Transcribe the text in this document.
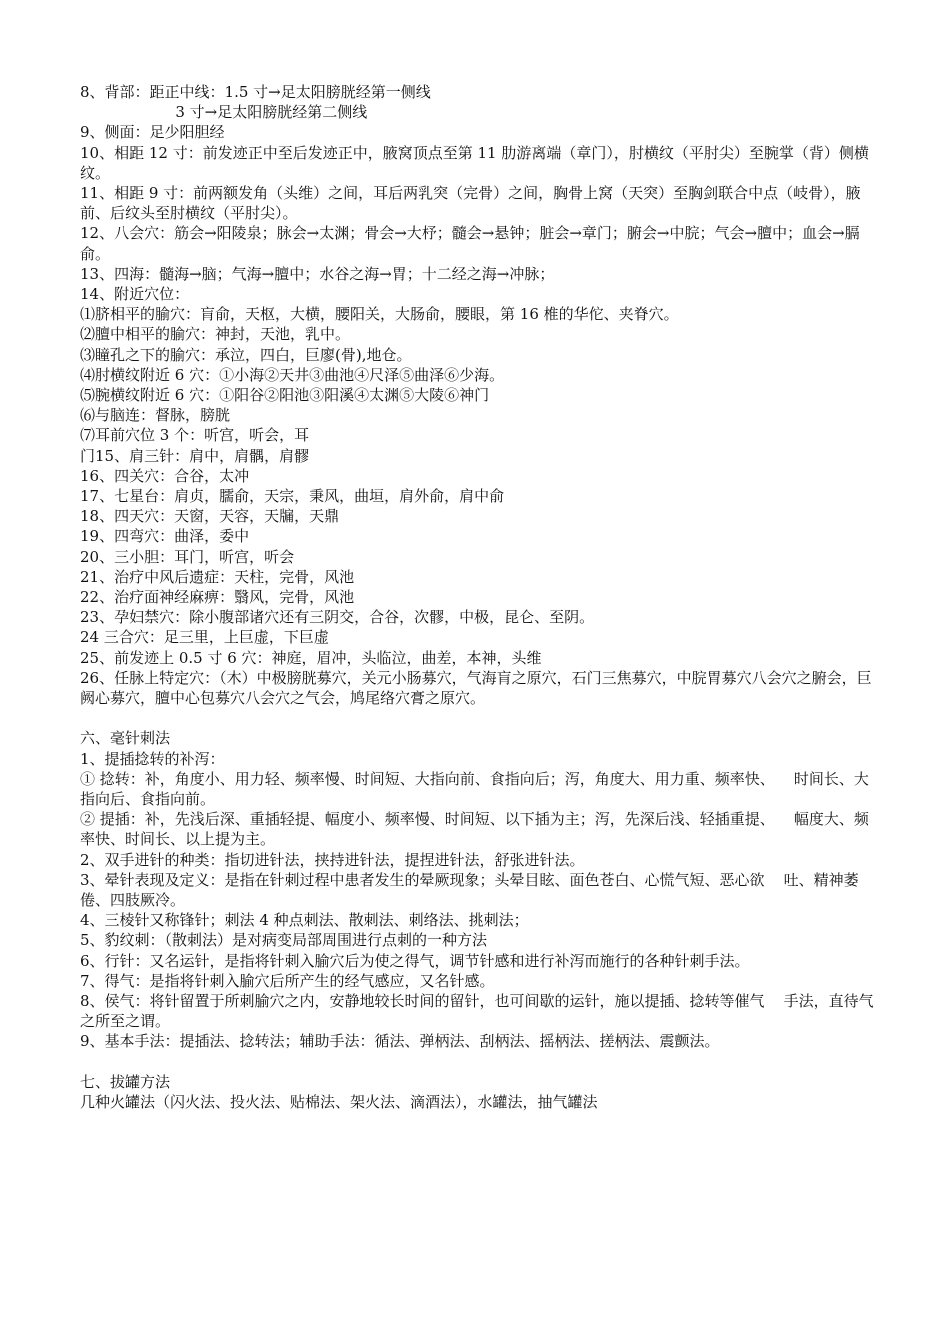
8、背部：距正中线：1.5 寸→足太阳膀胱经第一侧线
3 寸→足太阳膀胱经第二侧线
9、侧面：足少阳胆经
10、相距 12 寸：前发迹正中至后发迹正中，腋窝顶点至第 11 肋游离端（章门），肘横纹（平肘尖）至腕掌（背）侧横纹。
11、相距 9 寸：前两额发角（头维）之间，耳后两乳突（完骨）之间，胸骨上窝（天突）至胸剑联合中点（岐骨），腋前、后纹头至肘横纹（平肘尖）。
12、八会穴：筋会→阳陵泉；脉会→太渊；骨会→大杼；髓会→悬钟；脏会→章门；腑会→中脘；气会→膻中；血会→膈俞。
13、四海：髓海→脑；气海→膻中；水谷之海→胃；十二经之海→冲脉；
14、附近穴位：
⑴脐相平的腧穴：肓俞，天枢，大横，腰阳关，大肠俞，腰眼，第 16 椎的华佗、夹脊穴。
⑵膻中相平的腧穴：神封，天池，乳中。
⑶瞳孔之下的腧穴：承泣，四白，巨廖(骨),地仓。
⑷肘横纹附近 6 穴：①小海②天井③曲池④尺泽⑤曲泽⑥少海。
⑸腕横纹附近 6 穴：①阳谷②阳池③阳溪④太渊⑤大陵⑥神门
⑹与脑连：督脉，膀胱
⑺耳前穴位 3 个：听宫，听会，耳
门15、肩三针：肩中，肩髃，肩髎
16、四关穴：合谷，太冲
17、七星台：肩贞，臑俞，天宗，秉风，曲垣，肩外俞，肩中俞
18、四天穴：天窗，天容，天牖，天鼎
19、四弯穴：曲泽，委中
20、三小胆：耳门，听宫，听会
21、治疗中风后遗症：天柱，完骨，风池
22、治疗面神经麻痹：翳风，完骨，风池
23、孕妇禁穴：除小腹部诸穴还有三阴交，合谷，次髎，中极，昆仑、至阴。
24 三合穴：足三里，上巨虚，下巨虚
25、前发迹上 0.5 寸 6 穴：神庭，眉冲，头临泣，曲差，本神，头维
26、任脉上特定穴：（木）中极膀胱募穴，关元小肠募穴，气海肓之原穴，石门三焦募穴，中脘胃募穴八会穴之腑会，巨阙心募穴，膻中心包募穴八会穴之气会，鸠尾络穴膏之原穴。
六、毫针刺法
1、提插捻转的补泻：
① 捻转：补，角度小、用力轻、频率慢、时间短、大指向前、食指向后；泻，角度大、用力重、频率快、    时间长、大指向后、食指向前。
② 提插：补，先浅后深、重插轻提、幅度小、频率慢、时间短、以下插为主；泻，先深后浅、轻插重提、    幅度大、频率快、时间长、以上提为主。
2、双手进针的种类：指切进针法，挟持进针法，提捏进针法，舒张进针法。
3、晕针表现及定义：是指在针刺过程中患者发生的晕厥现象；头晕目眩、面色苍白、心慌气短、恶心欲    吐、精神萎倦、四肢厥冷。
4、三棱针又称锋针；刺法 4 种点刺法、散刺法、刺络法、挑刺法；
5、豹纹刺：（散刺法）是对病变局部周围进行点刺的一种方法
6、行针：又名运针，是指将针刺入腧穴后为使之得气，调节针感和进行补泻而施行的各种针刺手法。
7、得气：是指将针刺入腧穴后所产生的经气感应，又名针感。
8、侯气：将针留置于所刺腧穴之内，安静地较长时间的留针，也可间歇的运针，施以提插、捻转等催气    手法，直待气之所至之谓。
9、基本手法：提插法、捻转法；辅助手法：循法、弹柄法、刮柄法、摇柄法、搓柄法、震颤法。
七、拔罐方法
几种火罐法（闪火法、投火法、贴棉法、架火法、滴酒法），水罐法，抽气罐法
